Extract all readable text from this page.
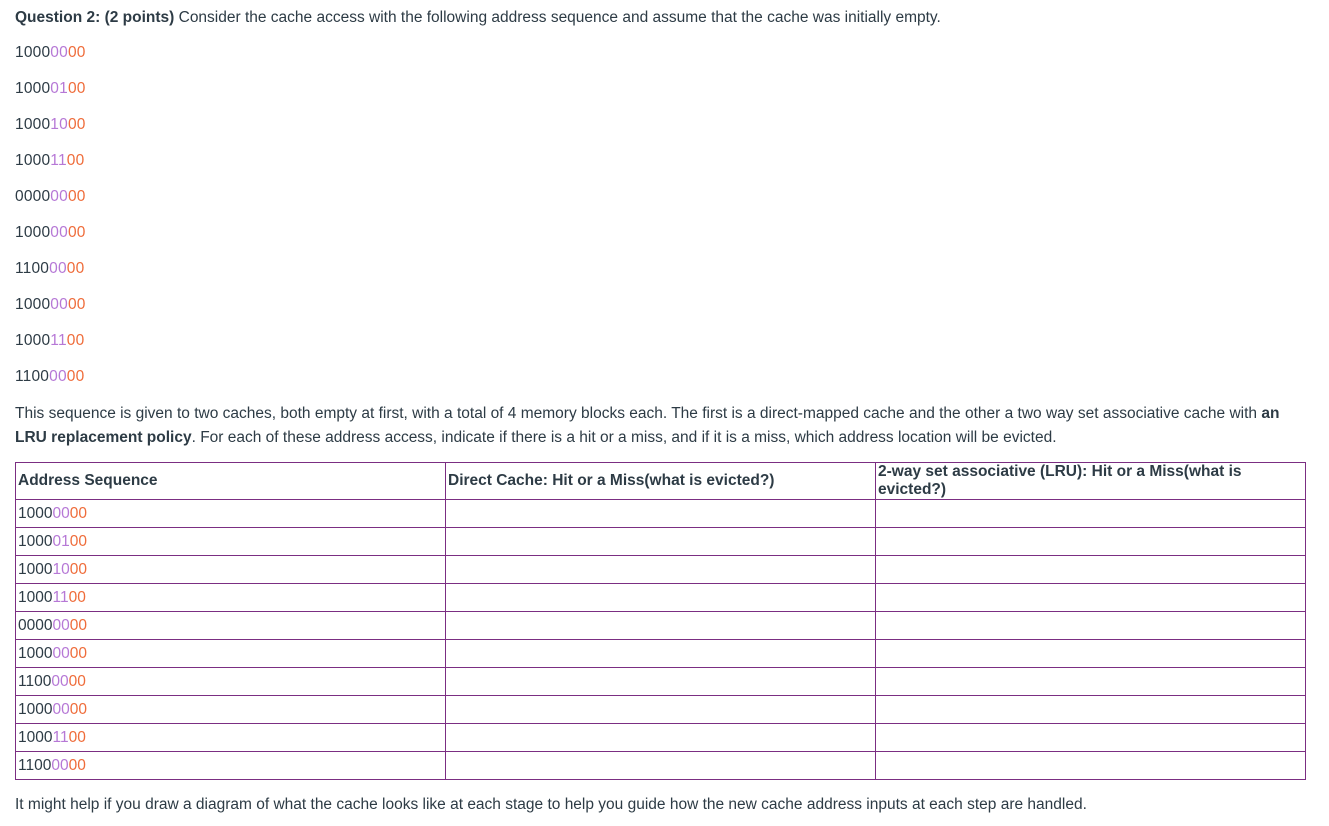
Question 2: (2 points) Consider the cache access with the following address sequence and assume that the cache was initially empty.
10000000
10000100
10001000
10001100
00000000
10000000
11000000
10000000
10001100
11000000
This sequence is given to two caches, both empty at first, with a total of 4 memory blocks each. The first is a direct-mapped cache and the other a two way set associative cache with an LRU replacement policy. For each of these address access, indicate if there is a hit or a miss, and if it is a miss, which address location will be evicted.
Address Sequence	Direct Cache: Hit or a Miss(what is evicted?)	2-way set associative (LRU): Hit or a Miss(what is evicted?)
10000000		
10000100		
10001000		
10001100		
00000000		
10000000		
11000000		
10000000		
10001100		
11000000		
It might help if you draw a diagram of what the cache looks like at each stage to help you guide how the new cache address inputs at each step are handled.
